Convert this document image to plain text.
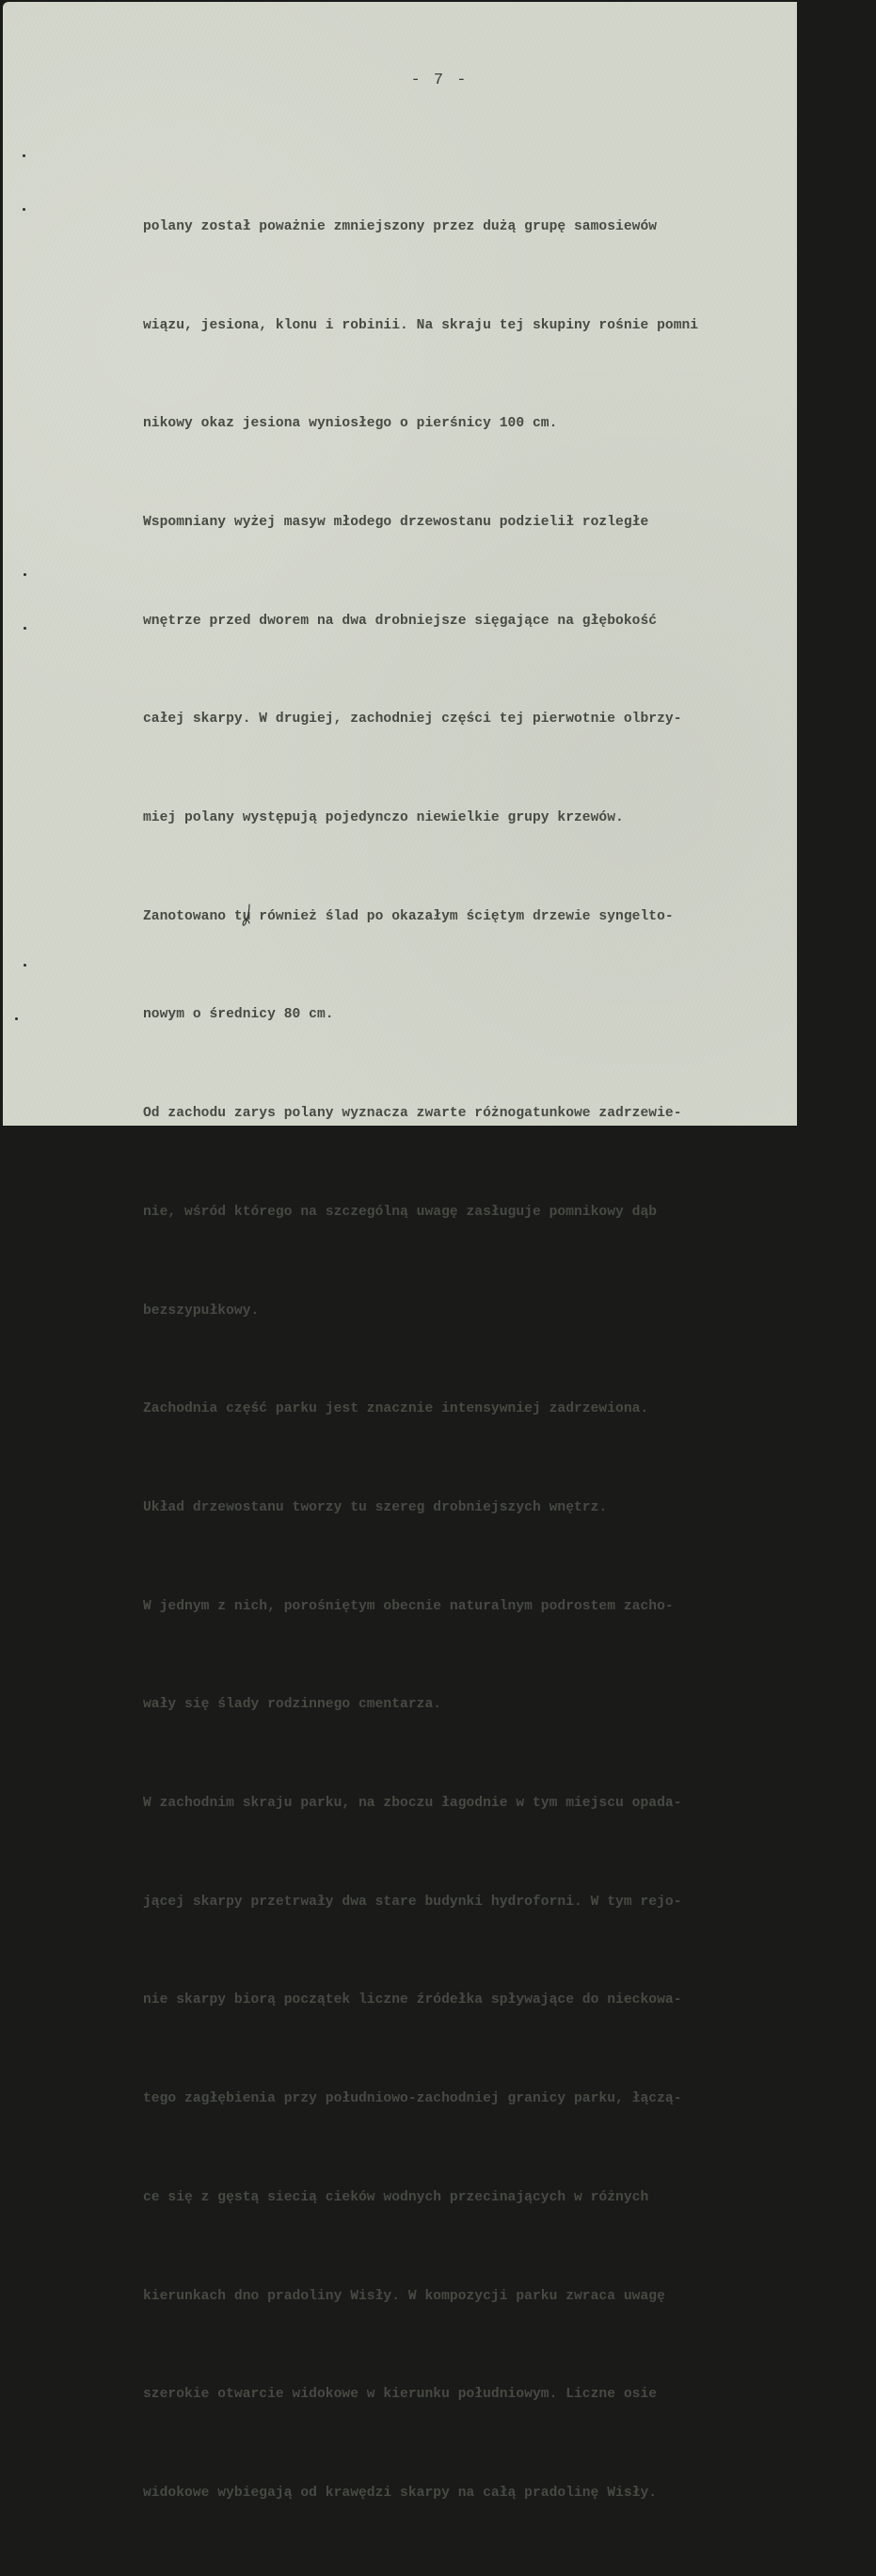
- 7 -

polany został poważnie zmniejszony przez dużą grupę samosiewów

wiązu, jesiona, klonu i robinii. Na skraju tej skupiny rośnie pomni

nikowy okaz jesiona wyniosłego o pierśnicy 100 cm.

Wspomniany wyżej masyw młodego drzewostanu podzielił rozległe

wnętrze przed dworem na dwa drobniejsze sięgające na głębokość

całej skarpy. W drugiej, zachodniej części tej pierwotnie olbrzy-

miej polany występują pojedynczo niewielkie grupy krzewów.

Zanotowano tu również ślad po okazałym ściętym drzewie syngelto-

nowym o średnicy 80 cm.

Od zachodu zarys polany wyznacza zwarte różnogatunkowe zadrzewie-

nie, wśród którego na szczególną uwagę zasługuje pomnikowy dąb

bezszypułkowy.

Zachodnia część parku jest znacznie intensywniej zadrzewiona.

Układ drzewostanu tworzy tu szereg drobniejszych wnętrz.

W jednym z nich, porośniętym obecnie naturalnym podrostem zacho-

wały się ślady rodzinnego cmentarza.

W zachodnim skraju parku, na zboczu łagodnie w tym miejscu opada-

jącej skarpy przetrwały dwa stare budynki hydroforni. W tym rejo-

nie skarpy biorą początek liczne źródełka spływające do nieckowa-

tego zagłębienia przy południowo-zachodniej granicy parku, łączą-

ce się z gęstą siecią cieków wodnych przecinających w różnych

kierunkach dno pradoliny Wisły. W kompozycji parku zwraca uwagę

szerokie otwarcie widokowe w kierunku południowym. Liczne osie

widokowe wybiegają od krawędzi skarpy na całą pradolinę Wisły.
